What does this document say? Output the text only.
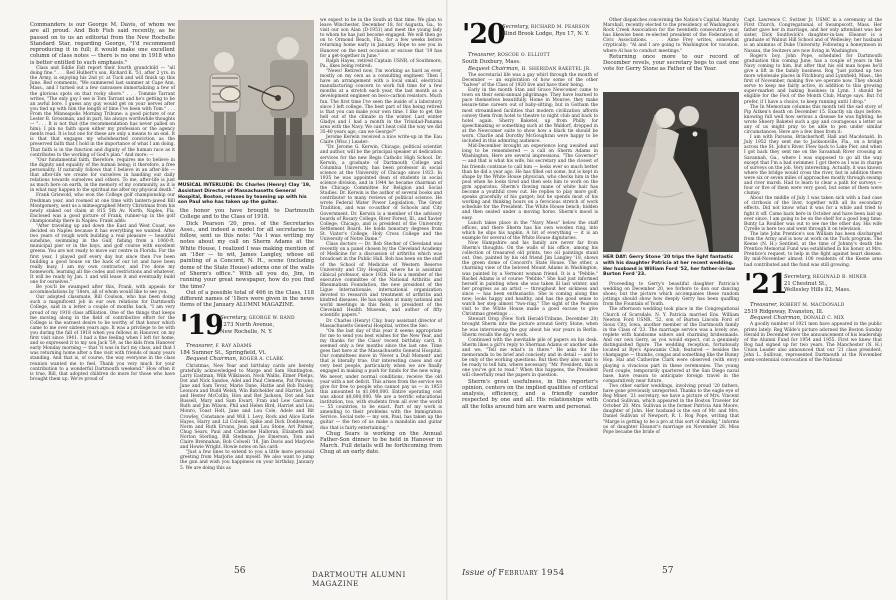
Commanders is our George M. Davis, of whom we are all proud. And Bob Fish said recently, as he passed on to us an editorial from the New Rochelle Standard Star, regarding George, "I'd recommend reproducing it in full; it would make one excellent column of class notes — there is no one in 1918 who is better entitled to such emphasis."

Class and Eddie Falt report their fourth grandchild — "all doing fine." . . . Red Hulbert's son, Richard K. '51, after 2 yrs. in the Army, is enjoying his 2nd yr. at Tuck and will finish up this June. Red comments, "We summered last summer at Cape Ann, Mass., and I turned out a few canvasses immortalizing a few of the glorious spots on that rocky shore." . . . Tommie Tarrant writes, "The only guy I see is Tom Tarrant and he's getting to be an awful bore. I guess any guy would get on your nerves after you tied up with him the length of time I've been with Tom." . . . From the Minneapolis Morning Tribune: a good picture of our Lester B. Grossman, and in part, his always worthwhile thoughts — ". . . It is not that (the recommendation has never palled on him); I pin no faith upon either my profession or the agency ments read. It is but one for these are only a means to an end. It is that that engages my wholehearted conviction as the preserved faith that I hold in the importance of what I am doing. That faith is in the function and dignity of the human race as it contributes to the working of God's plan." And more: —

"Our fundamental faith, therefore, requires me to believe in the dignity and equality of the human being; it therefore, a free personality. If naturally follows that I believe in an after-life — that after-life we create for ourselves in handling our daily relations towards ourselves and others. To me, after-life is just as much here on earth, in the memory of my community, as it is in what may happen to the spiritual me after my physical death."

Frank Griswold, who won the College golf championship our freshman year, and roomed at one time with lantern-jawed Bill Montgomery, sent us a mimeographed Merry Christmas from his newly staked out claim at 815 5th Av. North, Naples, Fla. Enclosed was a good picture of Frank, runner-up in the golf championship there in Naples. Frank adds:

"After traveling up and down the East and West Coast, we decided on Naples because it has everything we wanted. After two years of rough work building a real pleasure — beautiful sunshine, swimming in the Gulf, fishing from a 1060-ft. municipal pier or in the bays, and golf course with excellent greens. You are not ready to move our centre in Florida. For the first year, I played golf every day but since then I've been building a good house on the back of our lot and have been really busy. I am my own contractor, and I've done my homework, learning all the codes and restrictions and whatever. It will be ready by Jan. 1 and will lease it and eventually build one for ourselves."

Be you'll be swamped after this, Frank, with appeals for accommodations by '18ers, all of whom would like to see you.

Our adopted classmate, Bill Coulson, who has been doing such a magnificent job in our own relations for Dartmouth College, said in a letter a couple of months back, "I am very proud of my 1918 class affiliation. One of the things that keeps me moving along in the field of contributive effort for the College is the earnest desire to be worthy of that honor which came to me over sixteen years ago. It was a privilege to be with you during the fall of 1918 when you fellows in Hanover, on my first visit since 1941. I had a fine feeling when I left for home, and so expressed it to my son Jack '59, as the kids from Hanover early Monday morning — that 'it was in fact my class, and that I was returning home after a fine visit with friends of many years standing. And that is, of course, the way everyone in the class reunion wanted me to feel. Thank you very much for your contribution to a wonderful Dartmouth weekend." How often it is true, Bill, that adopted children do more for those who have brought them up. We're proud of

MUSICAL INTERLUDE: Dr. Charles (Henry) Clay '19, Assistant Director of Massachusetts General Hospital, Boston, relaxes by teaming up with his son Paul who has taken up the guitar.

the honor you have brought to Dartmouth College and to the Class of 1918.

Dick Pearson '20, pres. of the Secretaries Asso., and indeed a model for all secretaries to follow, sent us this note: "As I was writing my notes about my call on Sherm Adams at the White House, I realized I was making mention of an '18er — to wit, James Langley, whose oil painting of a Concord, N. H., scene (including dome of the State House) adorns one of the walls of Sherm's office." With all you do, Jim, in running your great newspaper, how do you find the time?

Out of a possible total of 466 in the Class, 118 different names of '18ers were given in the news items of the January ALUMNI MAGAZINE.

'19
Secretary, GEORGE W. RAND
1273 North Avenue,
New Rochelle, N. Y.

Treasurer, F. RAY ADAMS
184 Sumner St., Springfield, Vt.

Bequest Chairman, ROGER A. CLARK

Christmas, New Year and birthday cards are hereby gratefully acknowledged to Marge and Sam Huntington, Larry Eastman, Wilk Wilkinson, Nock Wallis, Elmer Phelps, Dot and Nick Sandoe, Adel and Paul Clemens, Pat Parsons, Jane and Sam Tevar, Marie Dane, Hattie and Bob Paisley, Leonora and Budd Welsh, Win Batchelder and Harriet, Jack and Hester McCollin, Hon and Ret Jackson, Dot and Sax Russell, Mary and Sam Ewart, Fran and Lew Garrison, Ruth and Jim Wilson, Phil and Helen Bird, Harriet and Lou Monro, Toast Holt, Jane and Lou Cole, Adele and Bit Crowley, Constance and Will I. Levy, Rock and Alice Earle Hayes, Harry and Lil Colwell, Spike and Dick Doddsweng, Norm and Ruth Ervans, Jean and Lou Stone, Art Palmer, Chug Sears, Paul and Catherine Halloran, Elizabeth and Norton Sterling, Bill Stedman, Joe Emerson, Tom and Claire Brennahan, Bob Colwell '18, Jim Davis and Marjorie and Howie Wright. Howie notes on his card:

"Just a few lines to extend to you a little more personal greeting from Marjorie and myself. We also want to jump the gun and wish you happiness on your birthday, January 5. We are doing this as

we expect to be in the South at that time. We plan to leave Winchester, December 18, for Augusta, Ga., to visit our son Alan (D-1951) and meet the young lady to whom he has just become engaged. We will then go on to Ormond Beach, Fla., for a few weeks before returning home early in January. Hope to see you in Hanover on the next occasion or excuse that '19 has for a get-together in June."

Ralph Hayes, retired Captain USNR, of Southmore, Pa., likes being retired:

"News! Retired now, I'm working as hard as ever, mostly on my own as a consulting engineer. Then I have an arrangement with a local small, electrical manufacturing concern to work full time for a few months at a stretch each year, the last month as a development engineer on beco-carbon resistors. Much fun. The first time I've seen the inside of a laboratory since I left college. The best part of this being retired is that you can make your own time. I like to get the hell out of the climate in the winter. Last winter Gladys and I had a month in the Trinidad-Panama area with the Navy. We can't beat cold the way we did 35-40 years ago, can we George?"

Jerome Kerwin received a nice write-up in the Eau Claire (Wisc.) Leader:

"Dr. Jerome G. Kerwin, Chicago, political scientist and author, will be the principal speaker at dedication services for the new Regis Catholic High School. Dr. Kerwin, a graduate of Dartmouth College and Columbia University, has been professor in social science at the University of Chicago since 1923. In 1935 he was appointed dean of students in social science division, and in 1944 he became chairman of the Chicago Committee for Religion and Social Studies. Dr. Kerwin is the author of several books and contributor to many reviews of political science. He wrote Federal Water Power Legislation, The Great Tradition, and was co-author of Schools and City Government. Dr. Kerwin is a member of the advisory boards of Rosary College, River Forest, Ill., and Xavier College, Chicago, and is president of the University Settlement Board. He holds honorary degrees from St. Viator's College, Holy Cross College and the University of Notre Dame."

Class doctors — Dr. Bob Stecher of Cleveland was recently on a panel chosen by the Cleveland Academy of Medicine for a discussion of arthritis which was broadcast in the Public Hall. Bob has been on the staff of the School of Medicine of Western Reserve University and City Hospital, where he is assistant clinical professor, since 1928. He is a member of the executive committee of the National Arthritis and Rheumatism Foundation, the new president of the Ligue Internationale, international organization devoted to research and treatment of arthritis and kindred diseases. He has spoken at many national and world meetings in this field, is president of the Cleveland Health Museum, and author of fifty scientific papers."

Dr. Charles (Henry) Clay, busy assistant director of Massachusetts General Hospital, writes the Sec:

"On the last day of this year it seems appropriate for me to send you best wishes for the New Year, and my thanks for the Class' recent birthday card. It seemed only a few months since the last one. Time goes fast here at the Massachusetts General Hospital. Our committees move in 'Never a Dull Moment' and that is literally true. Our interesting cases and our very best people, particularly when we are finally engaged in making a push for funds for the new wing. We never, under normal conditions, receive the old year with a net deficit. This arises from the service we give for free to people who cannot pay us — in 1953 this amounted to $1,000,000. Entire operating cost was about $8,000,000. We are a terrific educational institution, too, with students from all over the world — 55 countries, to be exact. Part of my work is amending to their problems with the Immigration Service. Social note — my son, Paul, has taken up the guitar — the two of us make a mandolin and guitar duo that is fairly entertaining."

Chug Sears is working on the Annual Father-Son dinner to be held in Hanover in March. Full details will be forthcoming from Chug at an early date.

56	DARTMOUTH ALUMNI MAGAZINE
'20
Secretary, RICHARD M. PEARSON
Blind Brook Lodge, Rye 17, N. Y.

Treasurer, ROSCOE O. ELLIOTT
South Duxbury, Mass.

Bequest Chairman, H. SHERIDAN BAKETEL JR.

The secretarial life was a gay whirl through the month of December — an exploration of how some of the other "halves" of the Class of 1920 live and have their being.

Early in the month Stan and Grace Newcomer came to town on their semi-annual pilgrimage. They have learned to pace themselves beautifully. Home in Monroe, they make leisure-time careers out of baby-sitting; but in Gotham the most streamlined facilities that modern civilization affords convey them from hotel to theatre to night club and back to hotel again. Sherry Baketel, up from Philly for speechmaking or something such at the Waldorf, dropped in at the Newcomer suite to show how a black tie should be worn. Charlie and Dorothy McGoughran were happy to be included in this admiring audience.

Mid-December brought an experience long awaited and long to be remembered — a call on Sherm Adams in Washington. Here are several impressions. "The Governor" — and that is what his wife, his secretary and the closest of his friends continue to call him — looks ever so much better than he did a year ago. He has filled out some, but is kept in shape by the White House physician, who checks him in the pool when he looks tired and then sets him to work on the gym apparatus. Sherm's flowing mane of white hair has become a youthful crew cut. He replies to play more golf; speaks gracefully of his garget; but he spends most of his working and thinking hours on a ferocious stretch of work schedule for the President. The White House bench; hidden and then seated under a moving horse. Sherm's mood is easy.

Lunch takes place in the "Navy Mess" below the staff offices, and there Sherm has his own wooden ring, into which he slips his napkin. A bit of everything — it is an example for several of the White House dignitaries.

Now Hampshire and his family are never far from Sherm's thoughts. On the walls of his office, among his collection of treasured old prints, two oil paintings stand out. One, painted by his old friend Jim Langley '18, shows the green dome of Concord's State House. The other, a charming view of the beloved Mount Adams in Washington, was painted by a Vermont woman friend. It is a "Pebble." Rachel Adams is of course "Pebble." She had just informed herself in painting when she was taken ill last winter, and her progress as an artist — throughout her sickness and since — has been enthusiastic. She is coming along fine now; looks happy and healthy, and has the good sense to watch her step almost "two-ring." The sight of the Pearson visit to the White House made a good excuse to give Christmas greetings . . .

Stewart Orop (New York Herald-Tribune, December 28) brought Sherm into the picture around Gerry Stone, when he was interviewing the guy about his war years in Berlin. Sherm recalls the day's work.

Continued with the inevitable pile of papers on his desk. Sherm likes a girl's reply to Sherman Adams or another aide and we, "Tell me what's in there." He asks for the memoranda to be brief and concisely and in detail — and to be only of the working questions. But then they also want to be ready to tell him, where necessary, "Mr. President, this is one you've got to read." When this happens, the President will cheerfully read the papers in question.

Sherm's great usefulness, in this reporter's opinion, centers on the implied qualities of critical analysis, efficiency, and a friendly candor respected by one and all. His relationships with all the folks around him are warm and personal.

Other dispatches concerning the Nation's Capital: Marshy Marshall, recently elected to the presidency of Washington's Rock Creek Association for the twentieth consecutive year, has likewise been re-elected president of the Federation of Civic Associations. . . . Anne Frey writes, somewhat cryptically: "Al and I are going to Washington for vacation, where Al has to conduct meetings."

Returning once more to our record of December revels, your secretary begs to cast one vote for Gerry Stone as Father of the Year.

HER DAY: Gerry Stone '20 trips the light fantastic with his daughter Patricia at her recent wedding. Her husband is William Ford '52, her father-in-law Burton Ford '23.

Proceeding to Gerry's beautiful daughter Patricia's wedding on December 20, we forbore to don our dancing shoes; but the picture which accompanies these random jottings should show how deeply Gerry has been quaffing from the Fountain of Youth.

The afternoon wedding took place in the Congregational Church of Scarsdale, N. Y. Patricia married Ens. William Newton Ford USNR, '52, son of Burton Lincoln Ford of Sioux City, Iowa, another member of the Dartmouth family in the Class of '23. The marriage service was a lovely one, replete with handsome ushers and charming bridesmaids. And our own Gerry, as you would expect, cut a genuinely distinguished figure. The wedding reception, fortuitously located at Rye's Apawamis Club, featured — besides the champagne — thumbs, congas and something like the Bunny Hop. Hal and Catherine Clark were observed (with envy) playing a vivacious part in these ceremonies. The young Ford couple, temporarily quartered at the San Diego naval base, have reason to anticipate foreign travel in the comparatively near future.

Two other earlier weddings, involving proud '20 fathers, have gone previously unreported. Thanks to the eagle eye of Reg Miner, '21 secretary, we have a picture of Mrs. Vincent Conrad Sullivan, which appeared in the Boston Traveler for October 20. Mrs. Sullivan is the former Patricia Ann Moore, daughter of John. Her husband is the son of Mr. and Mrs. Daniel Sullivan of Newport, R. I. Rog Pope, writing that "Marge is getting to be a pro at this sort of shindig," informs us of daughter Eleanor's marriage on November 28. Miss Pope became the bride of

Capt. Lawrence C. Switzer Jr. USMC in a ceremony at the First Church, Congregational, of Swampscott, Mass. Her father gave her in marriage, and her only attendant was her sister, Dick Southwick's daughter-in-law. Eleanor is a graduate of Walnut Hill School and of Wellesley; her husband is an alumnus of Duke University. Following a honeymoon in Nassau, the Switzers are now living in Washington.

Roger's boy, John Pope, scheduled for Dartmouth graduation this coming June, has a couple of years in the Navy coming to him, but after that his old man hopes he'll give a lift in the family business. Rog "just picked up two more wholesale places in Fitchburg and Lynnfield, Mass., the first of November, making five we operate now. They should serve to keep me fairly active, in addition to this growing super-market and baking business in Lynn. I should be eligible for the Fool of the Month Club, Marge says. But I'd prefer, if I have a choice, to keep running until I drop."

The In Memoriam columns this month tell the sad story of Pip Aitken's death on December 15. Exactly six days before, knowing full well how serious a disease he was fighting, he wrote Sheery Baketel such a gay and courageous a letter as any of us might pray to be able to pen under similar circumstances. Here are a few lines from it:

I am with Parsons, Brinckerhoff, Hall and Macdonald. In July 1952 they sent me to Jacksonville, Fla., on a bridge across the St. John's River. Flew back to Lake Pier, and when I got back they sent me on the Savannah River crossing at Savannah, Ga., where I was supposed to go all the way except that I'm a bad swimmer. I got there as I was in charge of surveys on the job. Very interesting. Actually, it was known where the bridge would cross the river, but in addition there were six or seven miles of approaches mostly through swamp and river marsh. Had to learn to clear a path for surveys — four or five of them were very good, but some of them were clumsy.

About the middle of July I was taken sick with a bad case of cirrhosis of the liver, together with all its secondary effects. Did not know what it was for a while and tried to fight it off. Came back here in October and have been laid up ever since. I am going to be on the shelf for a good long time. Bunty La Roullier was out to see me the other day. His wife Cyrelle is here too and went through it on television.

The late John Prentice's son William has been discharged from the Army and is now at work on the Tuck program. The Keene (N. H.) Sentinel, at the time of Johnny's death the Prentice Memorial Fund was established in his honor, at Mrs. Prentice's request, to help in the fight against heart disease. By mid-November almost 100 residents of the Keene area had contributed and the fund was still growing.

'21
Secretary, REGINALD B. MINER
21 Chestnut St.,
Wellesley Hills 82, Mass.

Treasurer, ROBERT M. MACDONALD
2519 Ridgeway, Evanston, Ill.

Bequest Chairman, DONALD C. MIX

A goodly number of 1921 men have appeared in the public prints lately. Reg Wilde's picture adorned the Boston Sunday Herald in December over the announcement of his leadership of the Alumni Fund for 1954 and 1955. First we knew that Rog had signed up for two years. The Manchester (N. H.) Union Leader also announced that our '21 class president, John L. Sullivan, represented Dartmouth at the November semi-centennial convocation of the National

Issue of February 1954	57
